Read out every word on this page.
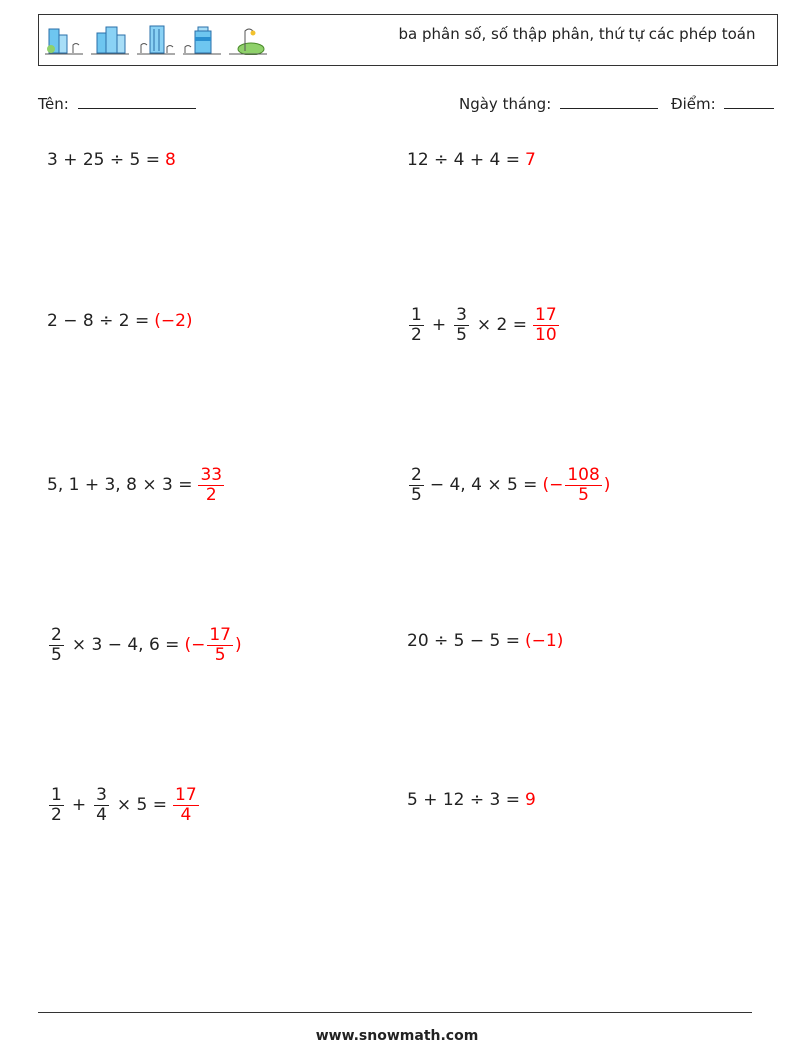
ba phân số, số thập phân, thứ tự các phép toán
Tên:	Ngày tháng:	Điểm:
3 + 25 ÷ 5 = 8	12 ÷ 4 + 4 = 7
2 − 8 ÷ 2 = (−2)	$\frac{1}{2} + \frac{3}{5} \times 2 = \frac{17}{10}$
5, 1 + 3, $8 \times 3 = \frac{33}{2}$	$\frac{2}{5} - 4$, 4 × 5 = (− $\frac{108}{5}$ )
$\frac{2}{5} \times 3 - 4$, 6 = (− $\frac{17}{5}$ )	20 ÷ 5 − 5 = (−1)
$\frac{1}{2} + \frac{3}{4} \times 5 = \frac{17}{4}$	5 + 12 ÷ 3 = 9
www.snowmath.com
